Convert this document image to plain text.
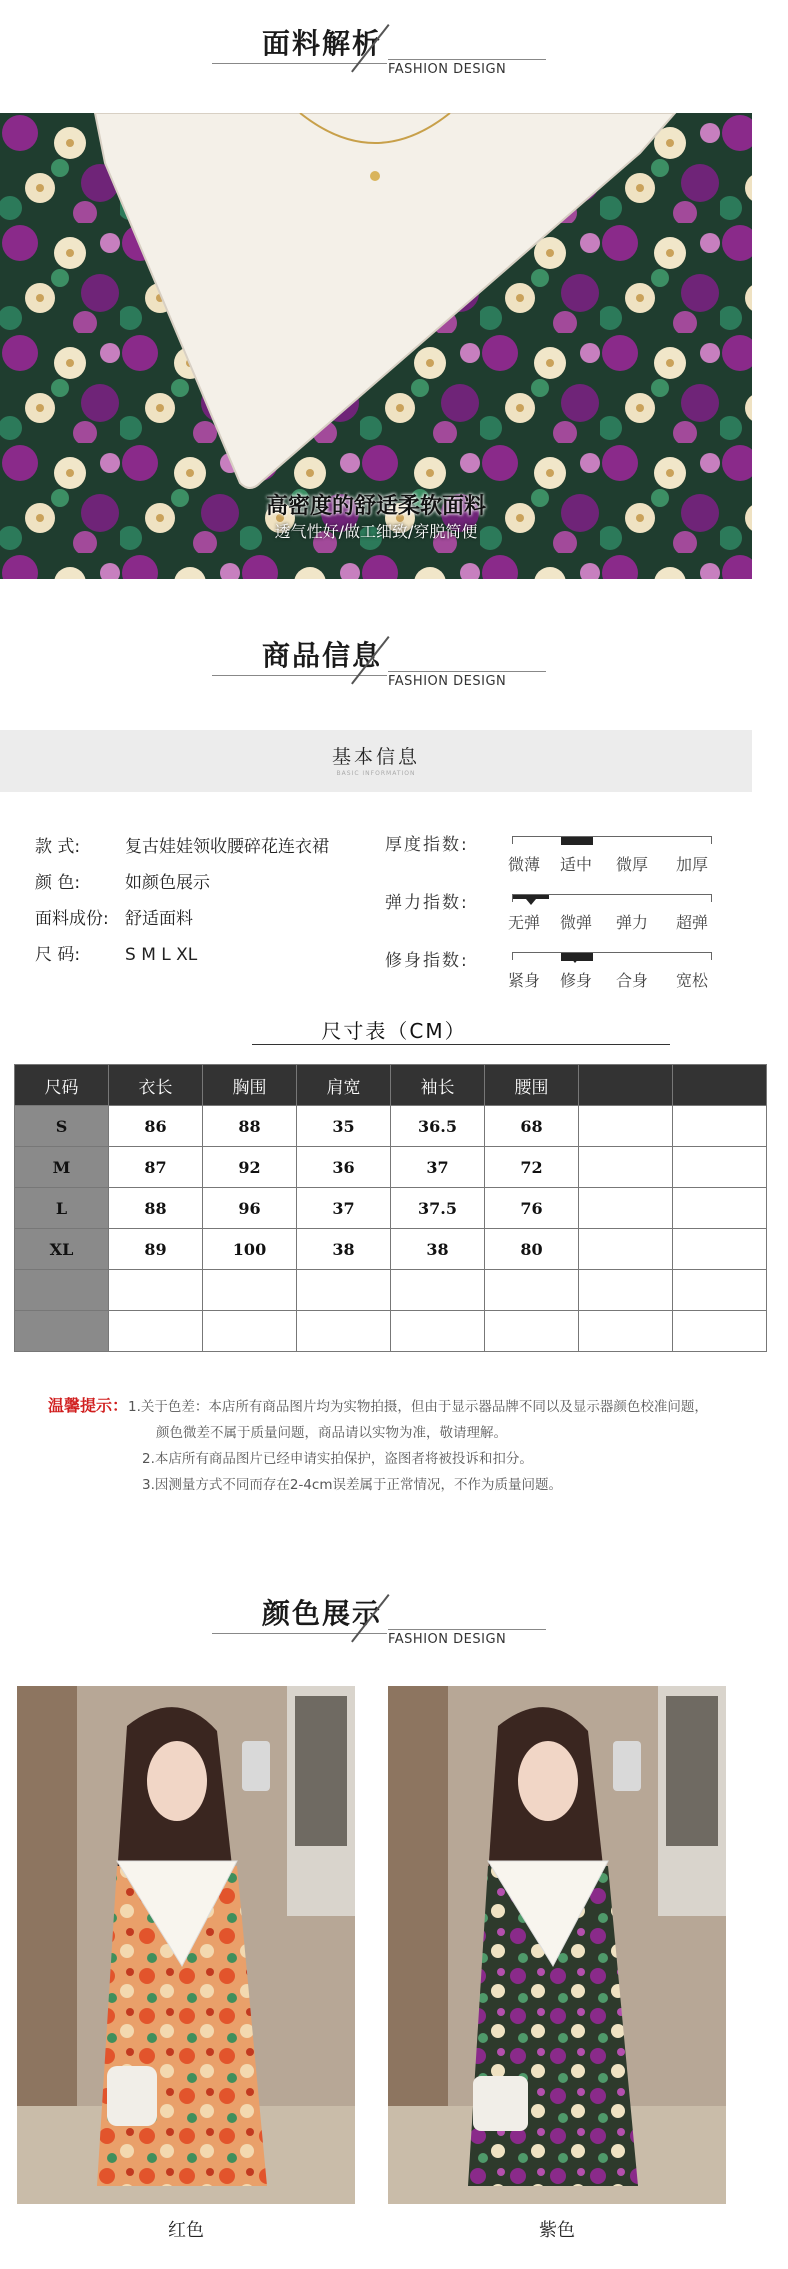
面料解析
FASHION DESIGN
高密度的舒适柔软面料
透气性好/做工细致/穿脱简便
商品信息
FASHION DESIGN
基本信息
BASIC INFORMATION
款 式:	复古娃娃领收腰碎花连衣裙
颜 色:	如颜色展示
面料成份: 舒适面料
尺 码:	S M L XL
厚度指数:
微薄	适中	微厚	加厚
弹力指数:
无弹	微弹	弹力	超弹
修身指数:
紧身	修身	合身	宽松
尺寸表（CM）
尺码	衣长	胸围	肩宽	袖长	腰围		
S	86	88	35	36.5	68		
M	87	92	36	37	72		
L	88	96	37	37.5	76		
XL	89	100	38	38	80		

温馨提示：1.关于色差：本店所有商品图片均为实物拍摄，但由于显示器品牌不同以及显示器颜色校准问题，
颜色微差不属于质量问题，商品请以实物为准，敬请理解。
2.本店所有商品图片已经申请实拍保护，盗图者将被投诉和扣分。
3.因测量方式不同而存在2-4cm误差属于正常情况，不作为质量问题。
颜色展示
FASHION DESIGN
红色	紫色
